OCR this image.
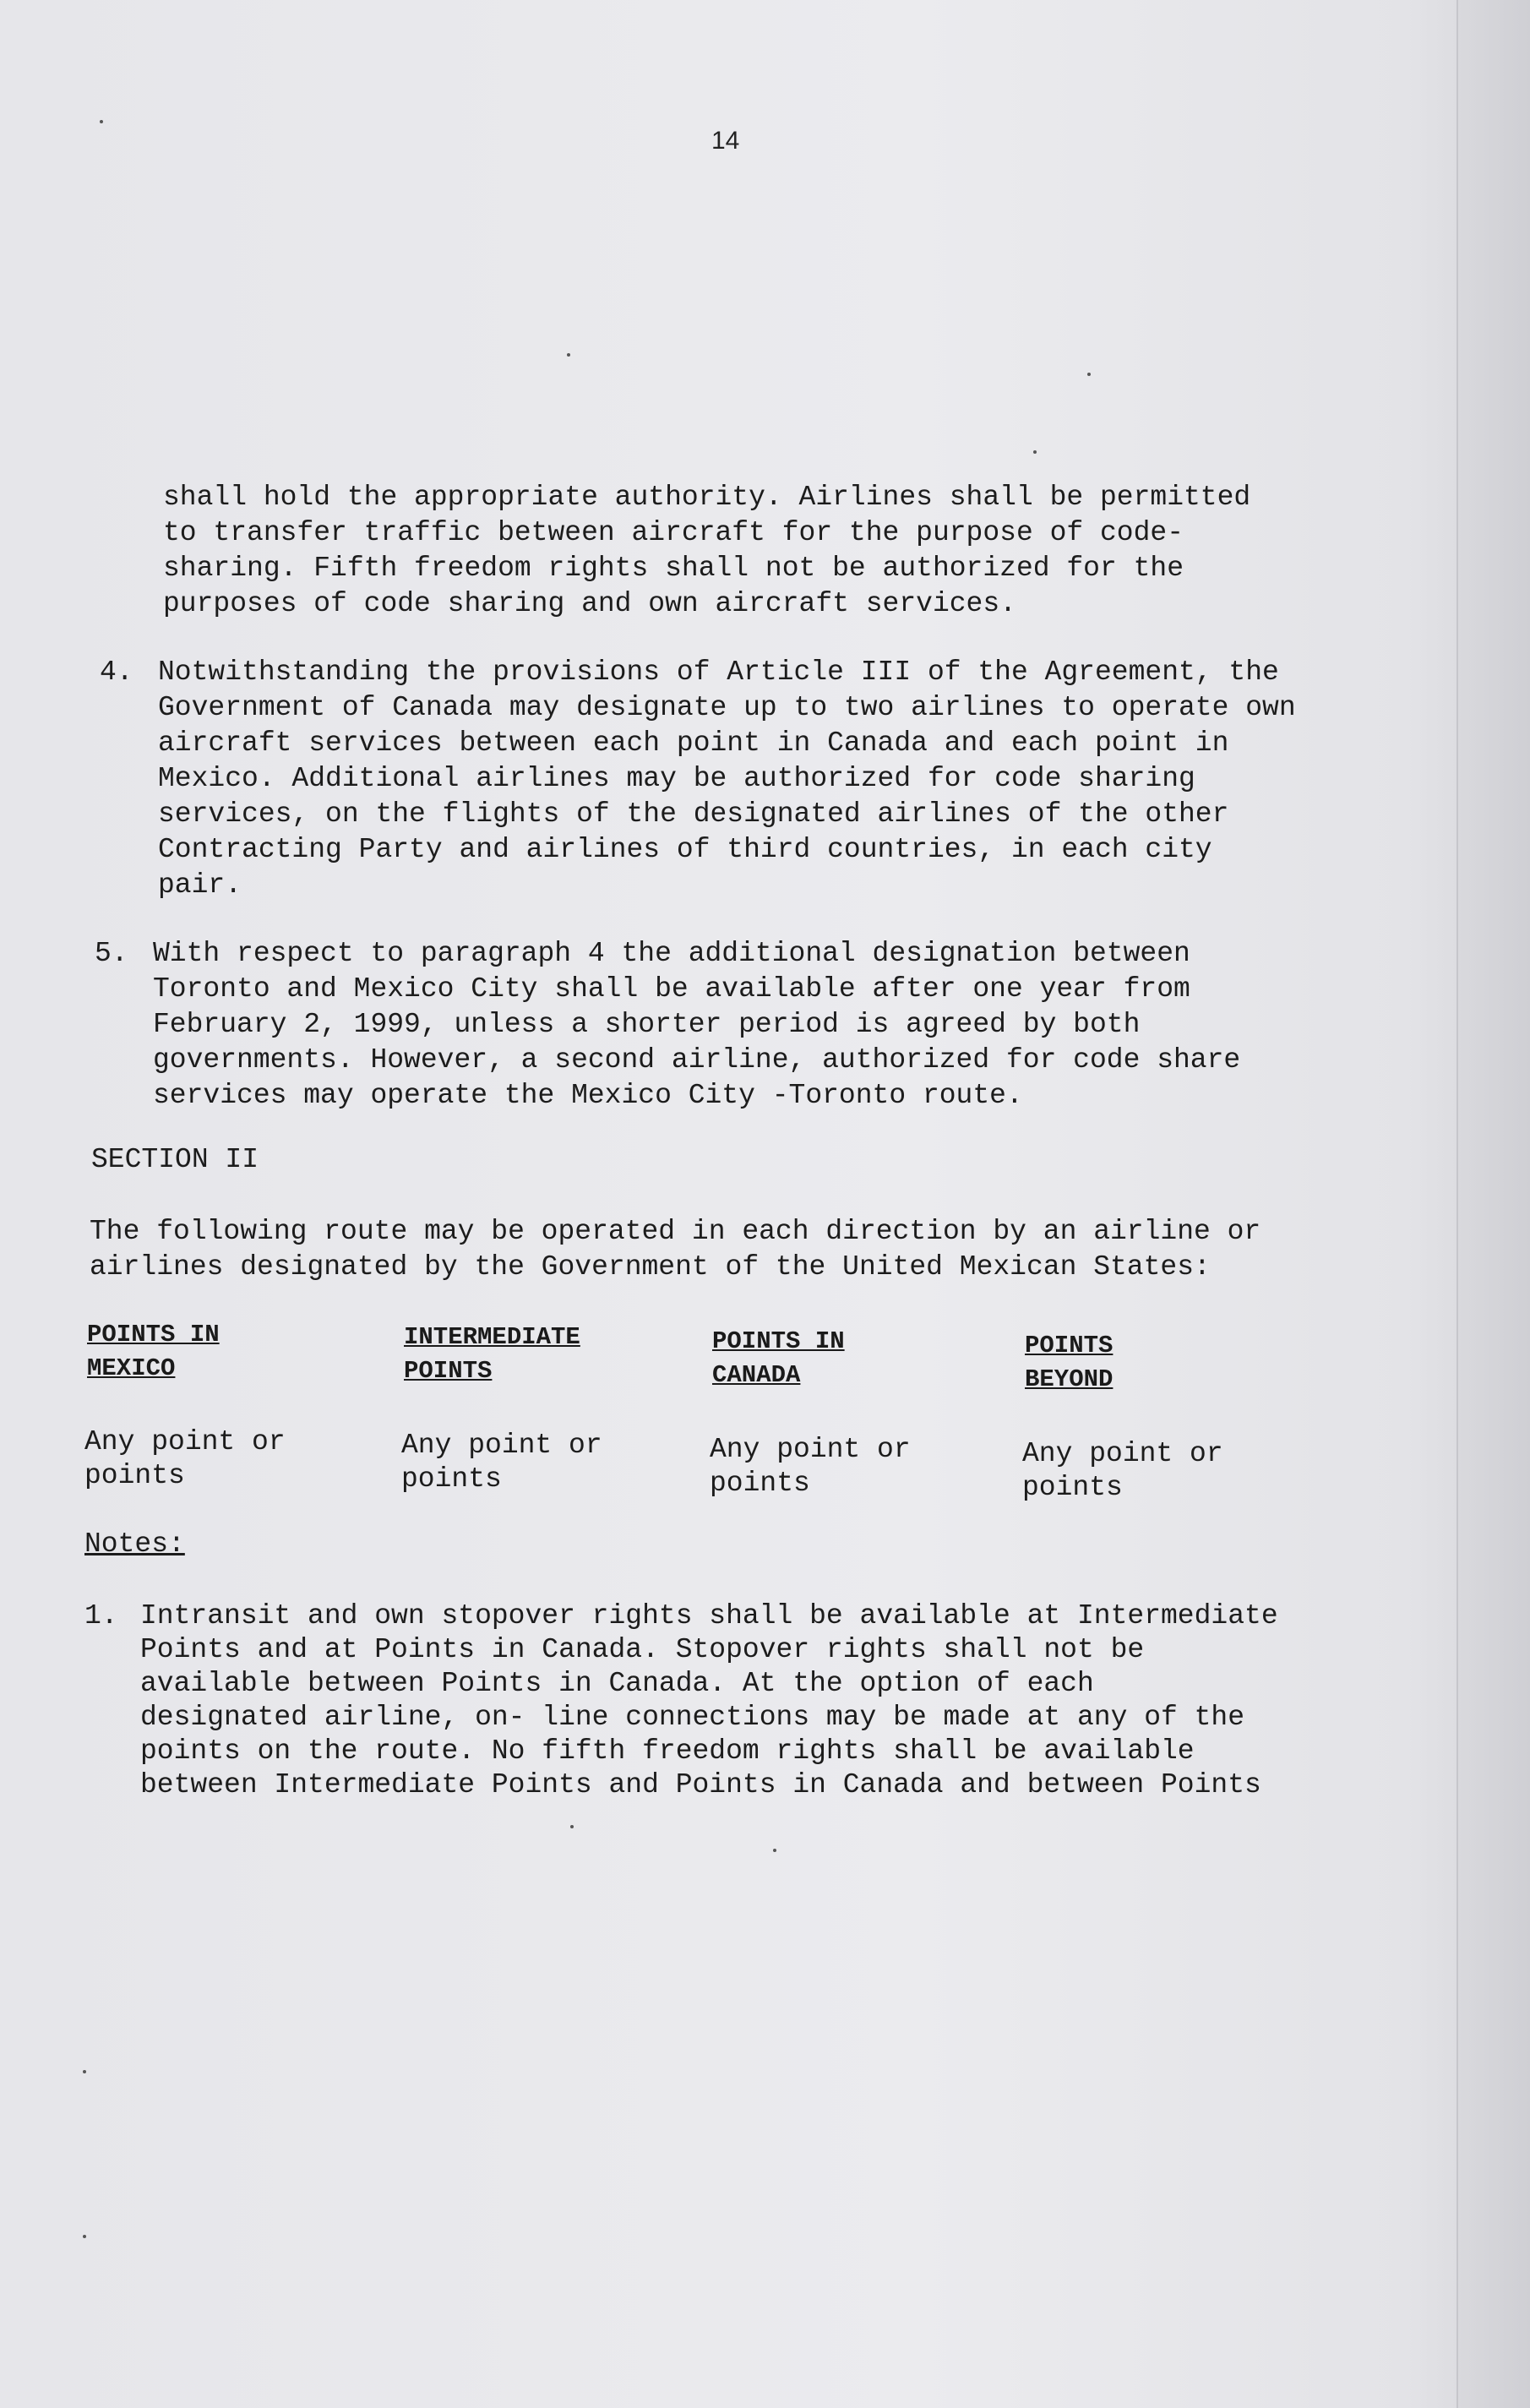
14
shall hold the appropriate authority. Airlines shall be permitted
to transfer traffic between aircraft for the purpose of code-
sharing. Fifth freedom rights shall not be authorized for the
purposes of code sharing and own aircraft services.
4. Notwithstanding the provisions of Article III of the Agreement, the
Government of Canada may designate up to two airlines to operate own
aircraft services between each point in Canada and each point in
Mexico. Additional airlines may be authorized for code sharing
services, on the flights of the designated airlines of the other
Contracting Party and airlines of third countries, in each city
pair.
5. With respect to paragraph 4 the additional designation between
Toronto and Mexico City shall be available after one year from
February 2, 1999, unless a shorter period is agreed by both
governments. However, a second airline, authorized for code share
services may operate the Mexico City -Toronto route.
SECTION II
The following route may be operated in each direction by an airline or
airlines designated by the Government of the United Mexican States:
POINTS IN
MEXICO
INTERMEDIATE
POINTS
POINTS IN
CANADA
POINTS
BEYOND
Any point or
points
Any point or
points
Any point or
points
Any point or
points
Notes:
1. Intransit and own stopover rights shall be available at Intermediate
Points and at Points in Canada. Stopover rights shall not be
available between Points in Canada. At the option of each
designated airline, on- line connections may be made at any of the
points on the route. No fifth freedom rights shall be available
between Intermediate Points and Points in Canada and between Points
